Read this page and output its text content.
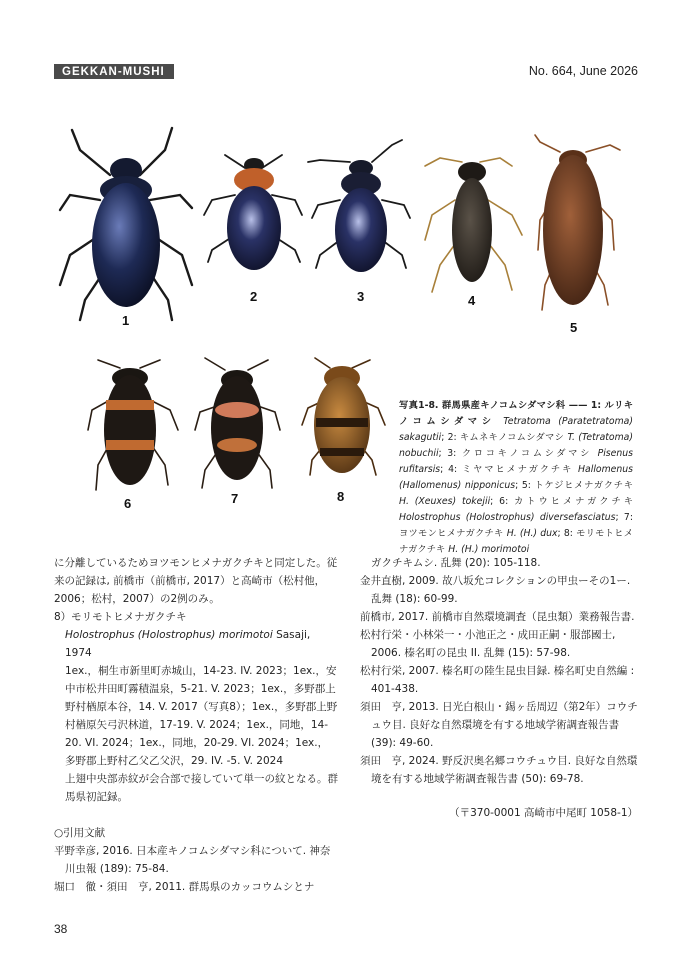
GEKKAN-MUSHI	No. 664, June 2026
1
2	3	4
5
6	7	8
写真1-8. 群馬県産キノコムシダマシ科 —— 1: ルリキノコムシダマシ Tetratoma (Paratetratoma) sakagutii; 2: キムネキノコムシダマシ T. (Tetratoma) nobuchii; 3: クロコキノコムシダマシ Pisenus rufitarsis; 4: ミヤマヒメナガクチキ Hallomenus (Hallomenus) nipponicus; 5: トケジヒメナガクチキ H. (Xeuxes) tokejii; 6: カトウヒメナガクチキ Holostrophus (Holostrophus) diversefasciatus; 7: ヨツモンヒメナガクチキ H. (H.) dux; 8: モリモトヒメナガクチキ H. (H.) morimotoi

に分離しているためヨツモンヒメナガクチキと同定した。従来の記録は, 前橋市（前橋市, 2017）と高崎市（松村他，2006；松村，2007）の2例のみ。

8）モリモトヒメナガクチキ

Holostrophus (Holostrophus) morimotoi Sasaji, 1974

1ex.，桐生市新里町赤城山，14-23. IV. 2023；1ex.，安中市松井田町霧積温泉，5-21. V. 2023；1ex.，多野郡上野村楢原本谷，14. V. 2017（写真8）；1ex.，多野郡上野村楢原矢弓沢林道，17-19. V. 2024；1ex.，同地，14-20. VI. 2024；1ex.，同地，20-29. VI. 2024；1ex.，多野郡上野村乙父乙父沢，29. IV. -5. V. 2024

上翅中央部赤紋が会合部で接していて単一の紋となる。群馬県初記録。

○引用文献

平野幸彦, 2016. 日本産キノコムシダマシ科について. 神奈川虫報 (189): 75-84.

堀口　徹・須田　亨, 2011. 群馬県のカッコウムシとナ

ガクチキムシ. 乱舞 (20): 105-118.

金井直樹, 2009. 故八坂允コレクションの甲虫ーその1ー. 乱舞 (18): 60-99.

前橋市, 2017. 前橋市自然環境調査（昆虫類）業務報告書.

松村行栄・小林栄一・小池正之・成田正嗣・服部國士, 2006. 榛名町の昆虫 II. 乱舞 (15): 57-98.

松村行栄, 2007. 榛名町の陸生昆虫目録. 榛名町史自然編 : 401-438.

須田　亨, 2013. 日光白根山・錫ヶ岳周辺（第2年）コウチュウ目. 良好な自然環境を有する地域学術調査報告書 (39): 49-60.

須田　亨, 2024. 野反沢奥名郷コウチュウ目. 良好な自然環境を有する地域学術調査報告書 (50): 69-78.

（〒370-0001 高崎市中尾町 1058-1）

38
